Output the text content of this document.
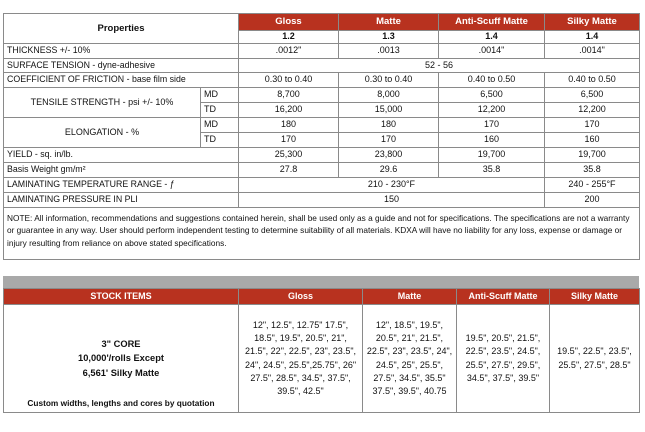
Properties		Gloss	Matte	Anti-Scuff Matte	Silky Matte
		1.2	1.3	1.4	1.4
THICKNESS +/- 10%		.0012"	.0013	.0014"	.0014"
SURFACE TENSION - dyne-adhesive		52 - 56			
COEFFICIENT OF FRICTION - base film side		0.30 to 0.40	0.30 to 0.40	0.40 to 0.50	0.40 to 0.50
TENSILE STRENGTH - psi +/- 10%	MD	8,700	8,000	6,500	6,500
	TD	16,200	15,000	12,200	12,200
ELONGATION - %	MD	180	180	170	170
	TD	170	170	160	160
YIELD - sq. in/lb.		25,300	23,800	19,700	19,700
Basis Weight gm/m²		27.8	29.6	35.8	35.8
LAMINATING TEMPERATURE RANGE - ƒ		210 - 230°F			240 - 255°F
LAMINATING PRESSURE IN PLI		150			200
NOTE: All information, recommendations and suggestions contained herein, shall be used only as a guide and not for specifications. The specifications are not a warranty or guarantee in any way. User should perform independent testing to determine suitability of all materials. KDXA will have no liability for any loss, expense or damage or injury resulting from reliance on above stated specifications.					
STOCK ITEMS	Gloss	Matte	Anti-Scuff Matte	Silky Matte

3" CORE
10,000'/rolls Except
6,561' Silky Matte
Custom widths, lengths and cores by quotation	12", 12.5", 12.75" 17.5", 18.5", 19.5", 20.5", 21", 21.5", 22", 22.5", 23", 23.5", 24", 24.5", 25.5",25.75", 26" 27.5", 28.5", 34.5", 37.5", 39.5", 42.5"	12", 18.5", 19.5", 20.5", 21", 21.5", 22.5", 23", 23.5", 24", 24.5", 25", 25.5", 27.5", 34.5", 35.5" 37.5", 39.5", 40.75	19.5", 20.5", 21.5", 22.5", 23.5", 24.5", 25.5", 27.5", 29.5", 34.5", 37.5", 39.5"	19.5", 22.5", 23.5", 25.5", 27.5", 28.5"
